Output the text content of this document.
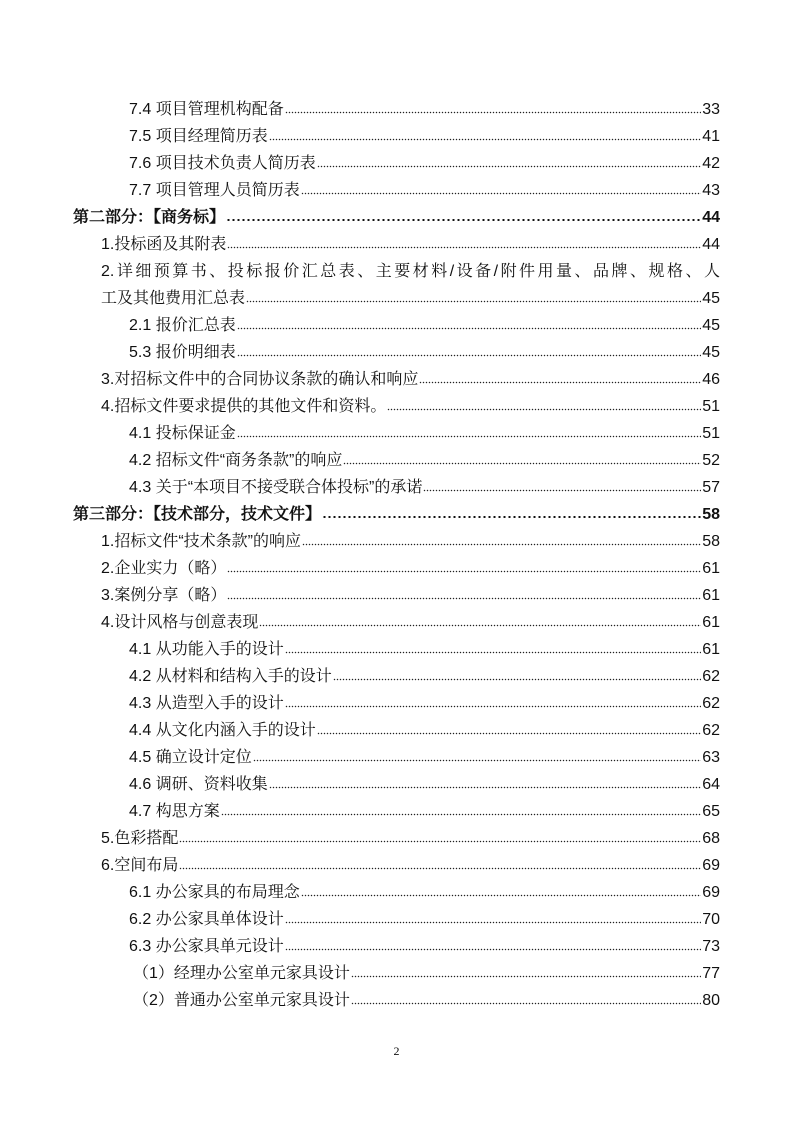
7.4 项目管理机构配备	33
7.5 项目经理简历表	41
7.6 项目技术负责人简历表	42
7.7 项目管理人员简历表	43
第二部分：【商务标】	44
1.投标函及其附表	44
2.详细预算书、投标报价汇总表、主要材料/设备/附件用量、品牌、规格、人
工及其他费用汇总表	45
2.1 报价汇总表	45
5.3 报价明细表	45
3.对招标文件中的合同协议条款的确认和响应	46
4.招标文件要求提供的其他文件和资料。	51
4.1 投标保证金	51
4.2 招标文件“商务条款”的响应	52
4.3 关于“本项目不接受联合体投标”的承诺	57
第三部分：【技术部分，技术文件】	58
1.招标文件“技术条款”的响应	58
2.企业实力（略）	61
3.案例分享（略）	61
4.设计风格与创意表现	61
4.1 从功能入手的设计	61
4.2 从材料和结构入手的设计	62
4.3 从造型入手的设计	62
4.4 从文化内涵入手的设计	62
4.5 确立设计定位	63
4.6 调研、资料收集	64
4.7 构思方案	65
5.色彩搭配	68
6.空间布局	69
6.1 办公家具的布局理念	69
6.2 办公家具单体设计	70
6.3 办公家具单元设计	73
（1）经理办公室单元家具设计	77
（2）普通办公室单元家具设计	80
2
